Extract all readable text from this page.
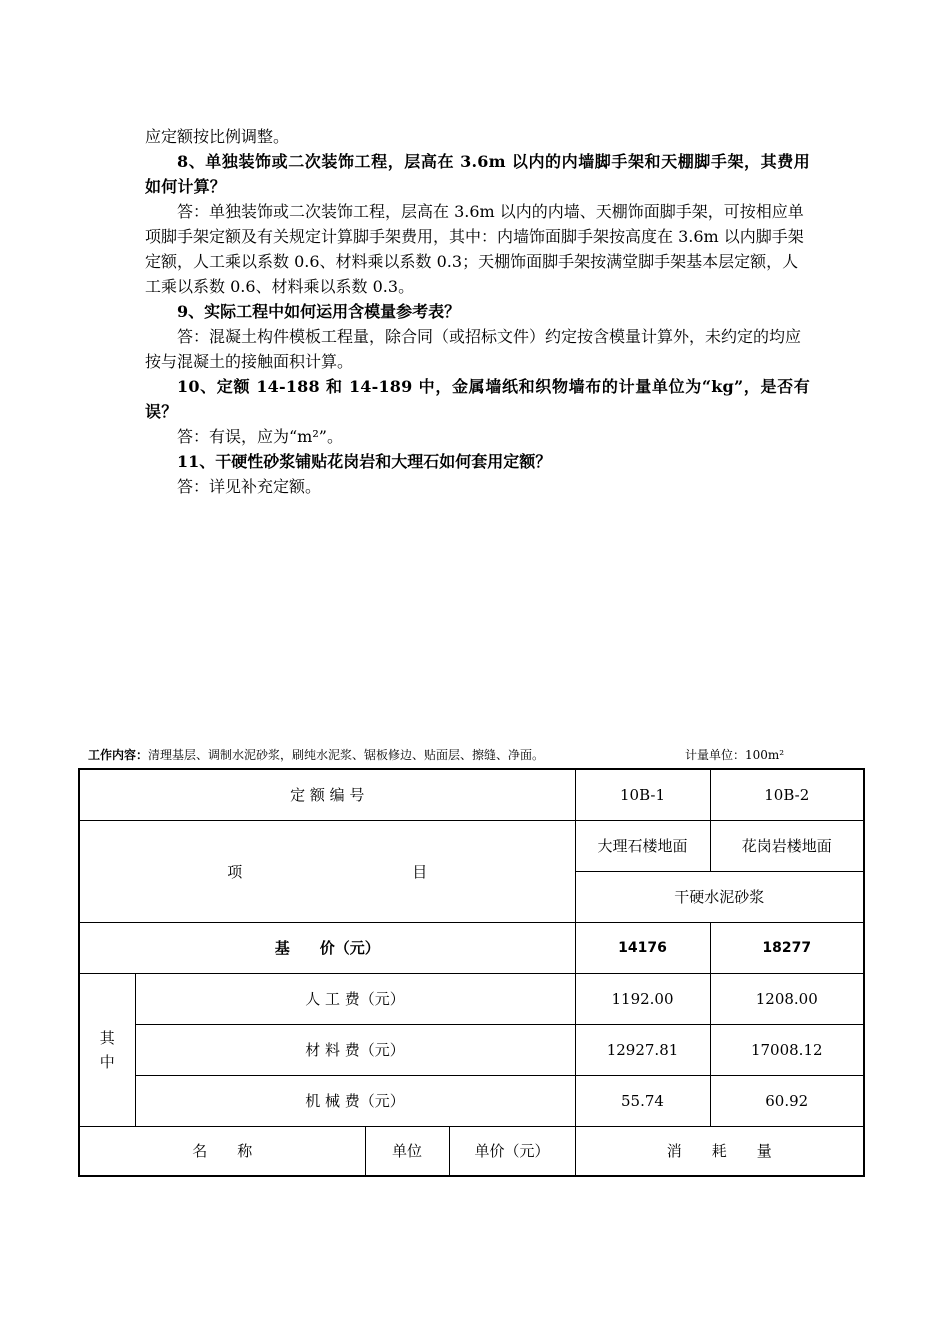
应定额按比例调整。

8、单独装饰或二次装饰工程，层高在 3.6m 以内的内墙脚手架和天棚脚手架，其费用如何计算？

答：单独装饰或二次装饰工程，层高在 3.6m 以内的内墙、天棚饰面脚手架，可按相应单项脚手架定额及有关规定计算脚手架费用，其中：内墙饰面脚手架按高度在 3.6m 以内脚手架定额，人工乘以系数 0.6、材料乘以系数 0.3；天棚饰面脚手架按满堂脚手架基本层定额，人工乘以系数 0.6、材料乘以系数 0.3。

9、实际工程中如何运用含模量参考表？

答：混凝土构件模板工程量，除合同（或招标文件）约定按含模量计算外，未约定的均应按与混凝土的接触面积计算。

10、定额 14-188 和 14-189 中，金属墙纸和织物墙布的计量单位为“kg”，是否有误？

答：有误，应为“m²”。

11、干硬性砂浆铺贴花岗岩和大理石如何套用定额？

答：详见补充定额。

工作内容：清理基层、调制水泥砂浆，刷纯水泥浆、锯板修边、贴面层、擦缝、净面。	计量单位：100m²
定 额 编 号				10B-1	10B-2
项 目				大理石楼地面	花岗岩楼地面
				干硬水泥砂浆	
基　　价（元）				14176	18277

其
中	人 工 费（元）			1192.00	1208.00
	材 料 费（元）			12927.81	17008.12
	机 械 费（元）			55.74	60.92
名　　称		单位	单价（元）	消　　耗　　量	
